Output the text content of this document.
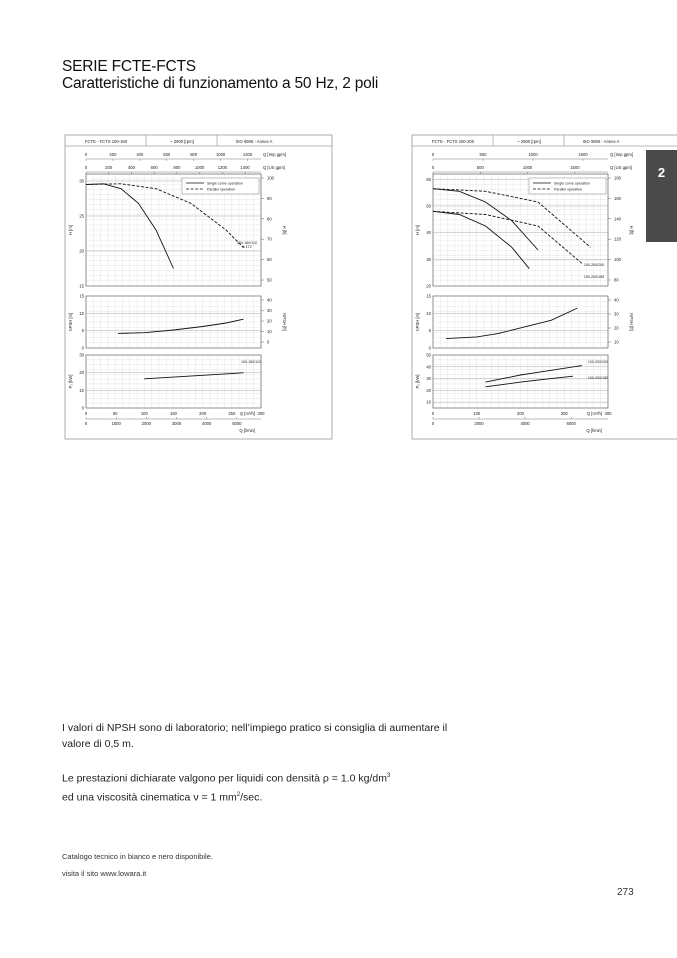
SERIE FCTE-FCTS
Caratteristiche di funzionamento a 50 Hz, 2 poli
2
FCTE - FCTS 100-160	~ 2900 [rpm]	ISO 9906 - Annex A
0	200	400	600	800	1000	1200	Q [Imp gpm]
0	200	400	600	800	1000	1200	1400	Q [US gpm]
15
20
25
30
H [m]
50
60
70
80
90
100
H [ft]
100-160/110
ø 172
0
5
10
15
NPSH [m]
0
10
20
30
40
NPSH [ft]
0
10
20
30
P₂ [kW]
100-160/110
Single curve operation
Parallel operation
0	50	100	150	200	250	300
Q [m³/h]
0	1000	2000	3000	4000	5000
Q [l/min]
FCTE - FCTS 100-200	~ 2900 [rpm]	ISO 9906 - Annex A
0	500	1000	1500	Q [Imp gpm]
0	500	1000	1500	Q [US gpm]
20
30
40
50
60
H [m]
80
100
120
140
160
180
H [ft]
100-200/200
100-200/185
0
5
10
15
NPSH [m]
10
20
30
40
NPSH [ft]
10
20
30
40
50
P₂ [kW]
100-200/200
100-200/185
Single curve operation
Parallel operation
0	100	200	300	400
Q [m³/h]
0	2000	4000	6000
Q [l/min]
I valori di NPSH sono di laboratorio; nell’impiego pratico si consiglia di aumentare il
valore di 0,5 m.
Le prestazioni dichiarate valgono per liquidi con densità ρ = 1.0 $kg/dm^3$
ed una viscosità cinematica ν = 1 $mm^2/\sec$.
Catalogo tecnico in bianco e nero disponibile.
visita il sito www.lowara.it
273
